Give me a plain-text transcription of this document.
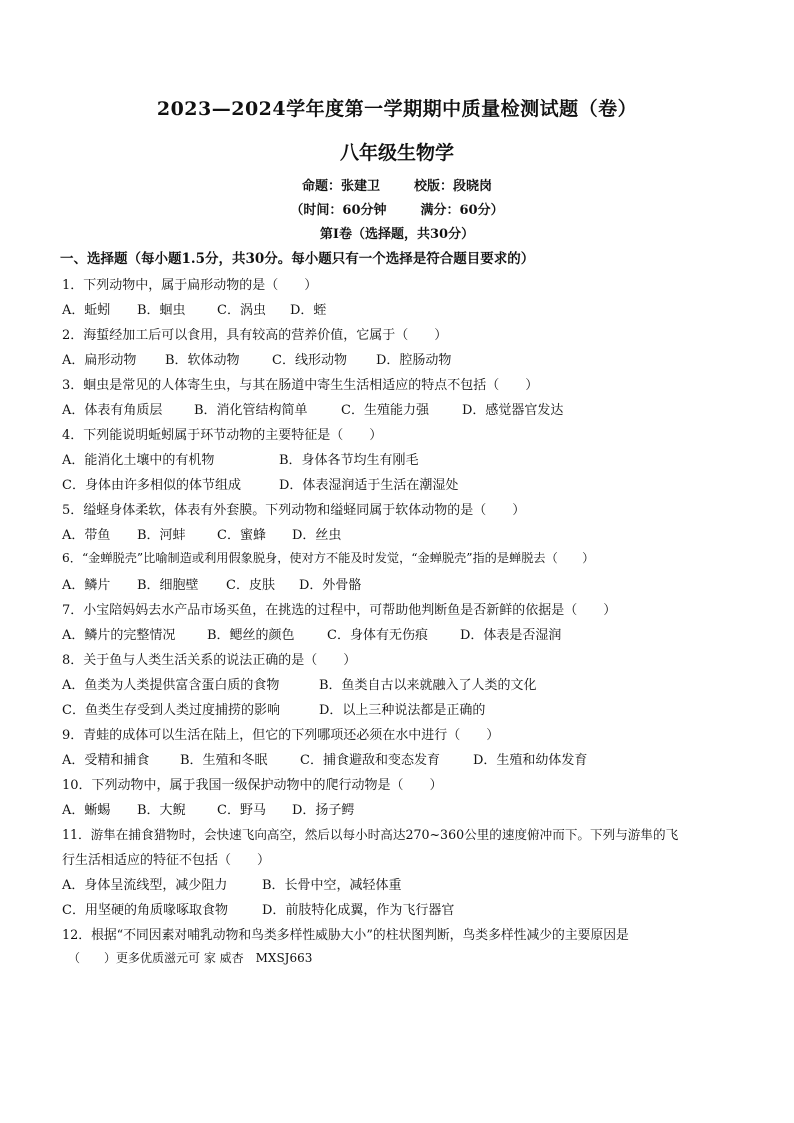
2023—2024学年度第一学期期中质量检测试题（卷）
八年级生物学
命题：张建卫	校版：段晓岗
（时间：60分钟	满分：60分）
第Ⅰ卷（选择题，共30分）
一、选择题（每小题1.5分，共30分。每小题只有一个选择是符合题目要求的）
1．下列动物中，属于扁形动物的是（　　）
A．蚯蚓 B．蛔虫 C．涡虫 D．蛭
2．海蜇经加工后可以食用，具有较高的营养价值，它属于（　　）
A．扁形动物 B．软体动物 C．线形动物 D．腔肠动物
3．蛔虫是常见的人体寄生虫，与其在肠道中寄生生活相适应的特点不包括（　　）
A．体表有角质层 B．消化管结构简单	C．生殖能力强	D．感觉器官发达
4．下列能说明蚯蚓属于环节动物的主要特征是（　　）
A．能消化土壤中的有机物	B．身体各节均生有刚毛
C．身体由许多相似的体节组成	D．体表湿润适于生活在潮湿处
5．缢蛏身体柔软，体表有外套膜。下列动物和缢蛏同属于软体动物的是（　　）
A．带鱼 B．河蚌 C．蜜蜂 D．丝虫
6．“金蝉脱壳”比喻制造或利用假象脱身，使对方不能及时发觉，“金蝉脱壳”指的是蝉脱去（　　）
A．鳞片 B．细胞壁 C．皮肤 D．外骨骼
7．小宝陪妈妈去水产品市场买鱼，在挑选的过程中，可帮助他判断鱼是否新鲜的依据是（　　）
A．鳞片的完整情况 B．鳃丝的颜色 C．身体有无伤痕 D．体表是否湿润
8．关于鱼与人类生活关系的说法正确的是（　　）
A．鱼类为人类提供富含蛋白质的食物	B．鱼类自古以来就融入了人类的文化
C．鱼类生存受到人类过度捕捞的影响	D．以上三种说法都是正确的
9．青蛙的成体可以生活在陆上，但它的下列哪项还必须在水中进行（　　）
A．受精和捕食 B．生殖和冬眠 C．捕食避敌和变态发育	D．生殖和幼体发育
10．下列动物中，属于我国一级保护动物中的爬行动物是（　　）
A．蜥蜴 B．大鲵 C．野马 D．扬子鳄
11．游隼在捕食猎物时，会快速飞向高空，然后以每小时高达270~360公里的速度俯冲而下。下列与游隼的飞
行生活相适应的特征不包括（　　）
A．身体呈流线型，减少阻力	B．长骨中空，减轻体重
C．用坚硬的角质喙啄取食物	D．前肢特化成翼，作为飞行器官
12．根据“不同因素对哺乳动物和鸟类多样性威胁大小”的柱状图判断，鸟类多样性减少的主要原因是
（　　）更多优质滋元可 家 威杏　MXSJ663
